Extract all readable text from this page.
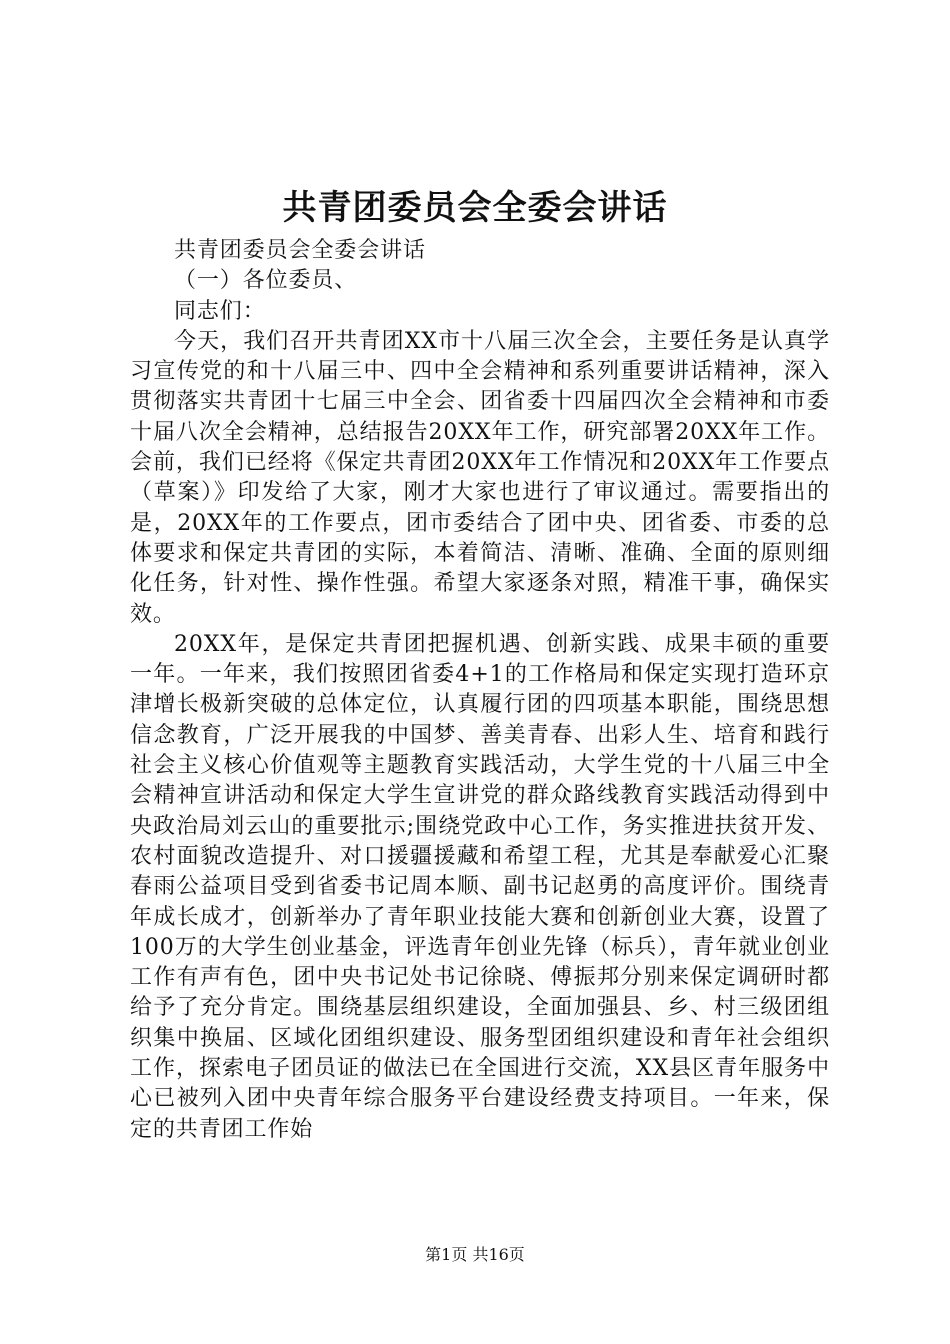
共青团委员会全委会讲话

共青团委员会全委会讲话

（一）各位委员、

同志们：

今天，我们召开共青团XX市十八届三次全会，主要任务是认真学习宣传党的和十八届三中、四中全会精神和系列重要讲话精神，深入贯彻落实共青团十七届三中全会、团省委十四届四次全会精神和市委十届八次全会精神，总结报告20XX年工作，研究部署20XX年工作。会前，我们已经将《保定共青团20XX年工作情况和20XX年工作要点（草案）》印发给了大家，刚才大家也进行了审议通过。需要指出的是，20XX年的工作要点，团市委结合了团中央、团省委、市委的总体要求和保定共青团的实际，本着简洁、清晰、准确、全面的原则细化任务，针对性、操作性强。希望大家逐条对照，精准干事，确保实效。

20XX年，是保定共青团把握机遇、创新实践、成果丰硕的重要一年。一年来，我们按照团省委4+1的工作格局和保定实现打造环京津增长极新突破的总体定位，认真履行团的四项基本职能，围绕思想信念教育，广泛开展我的中国梦、善美青春、出彩人生、培育和践行社会主义核心价值观等主题教育实践活动，大学生党的十八届三中全会精神宣讲活动和保定大学生宣讲党的群众路线教育实践活动得到中央政治局刘云山的重要批示;围绕党政中心工作，务实推进扶贫开发、农村面貌改造提升、对口援疆援藏和希望工程，尤其是奉献爱心汇聚春雨公益项目受到省委书记周本顺、副书记赵勇的高度评价。围绕青年成长成才，创新举办了青年职业技能大赛和创新创业大赛，设置了100万的大学生创业基金，评选青年创业先锋（标兵），青年就业创业工作有声有色，团中央书记处书记徐晓、傅振邦分别来保定调研时都给予了充分肯定。围绕基层组织建设，全面加强县、乡、村三级团组织集中换届、区域化团组织建设、服务型团组织建设和青年社会组织工作，探索电子团员证的做法已在全国进行交流，XX县区青年服务中心已被列入团中央青年综合服务平台建设经费支持项目。一年来，保定的共青团工作始

第1页 共16页
